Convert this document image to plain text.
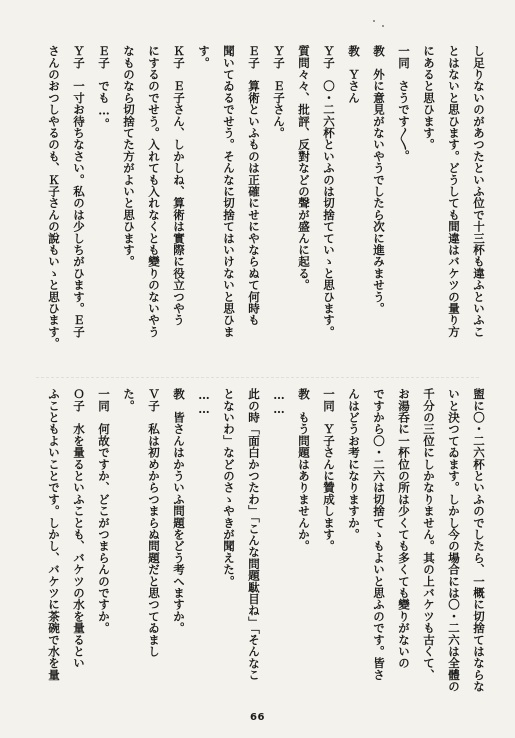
し足りないのがあつたといふ位で十三杯も違ふといふこ
とはないと思ひます。どうしても間違はバケツの量り方
にあると思ひます。
一同　さうです〳〵。
教　外に意見がないやうでしたら次に進みませう。
教　Ｙさん
Ｙ子　〇・二六杯といふのは切捨てていゝと思ひます。
質問々々、批評、反對などの聲が盛んに起る。
Ｙ子　Ｅ子さん。
Ｅ子　算術といふものは正確にせにやならぬて何時も
聞いてゐるでせう。そんなに切捨てはいけないと思ひま
す。
Ｋ子　Ｅ子さん、しかしね、算術は實際に役立つやう
にするのでせう。入れても入れなくとも變りのないやう
なものなら切捨てた方がよいと思ひます。
Ｅ子　でも…。
Ｙ子　一寸お待ちなさい。私のは少しちがひます。Ｅ子
さんのおつしやるのも、Ｋ子さんの說もいゝと思ひます。
盥に〇・二六杯といふのでしたら、一概に切捨てはならな
いと決つてゐます。しかし今の場合には〇・二六は全體の
千分の三位にしかなりません。其の上バケツも古くて、
お湯呑に一杯位の所は少くても多くても變りがないの
ですから〇・二六は切捨てゝもよいと思ふのです。皆さ
んはどうお考になりますか。
一同　Ｙ子さんに贊成します。
教　もう問題はありませんか。
……
此の時「面白かつたわ」「こんな問題駄目ね」「そんなこ
とないわ」などのさゝやきが聞えた。
……
教　皆さんはかういふ問題をどう考へますか。
Ｖ子　私は初めからつまらぬ問題だと思つてゐまし
た。
一同　何故ですか、どこがつまらんのですか。
Ｏ子　水を量るといふことも、バケツの水を量るとい
ふこともよいことです。しかし、バケツに茶碗で水を量
66
